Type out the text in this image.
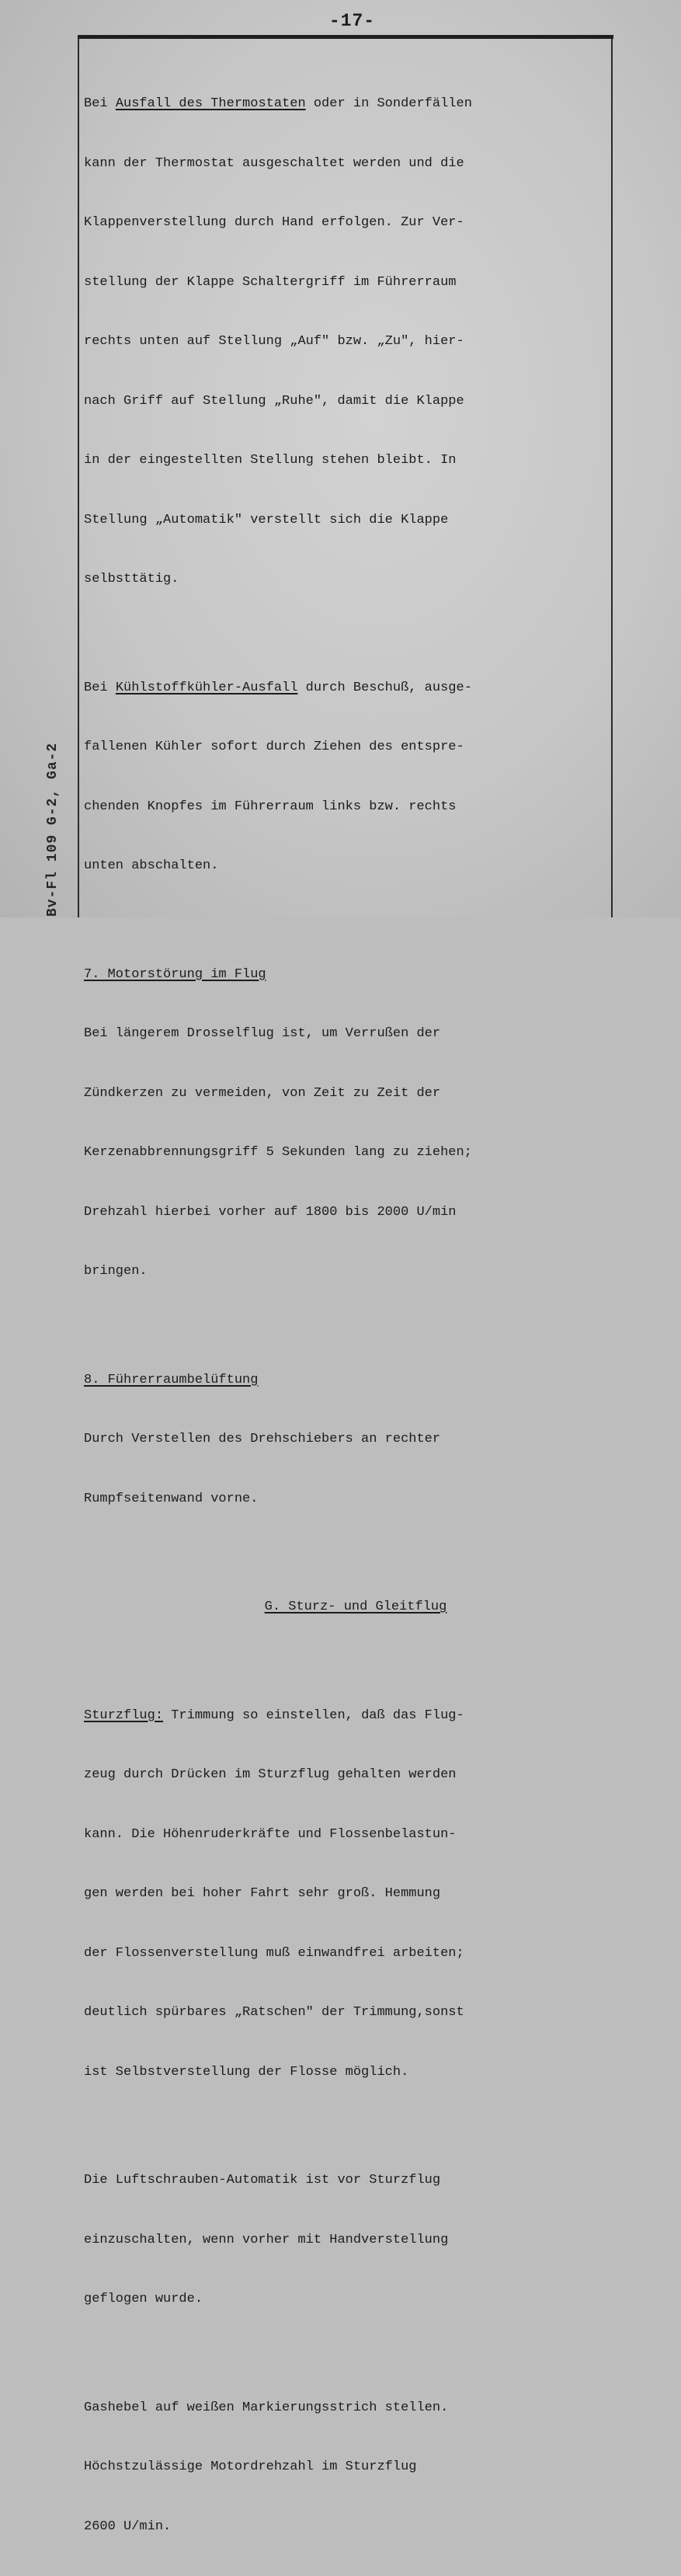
-17-

Bei Ausfall des Thermostaten oder in Sonderfällen

kann der Thermostat ausgeschaltet werden und die

Klappenverstellung durch Hand erfolgen. Zur Ver-

stellung der Klappe Schaltergriff im Führerraum

rechts unten auf Stellung „Auf" bzw. „Zu", hier-

nach Griff auf Stellung „Ruhe", damit die Klappe

in der eingestellten Stellung stehen bleibt. In

Stellung „Automatik" verstellt sich die Klappe

selbsttätig.

Bei Kühlstoffkühler-Ausfall durch Beschuß, ausge-

fallenen Kühler sofort durch Ziehen des entspre-

chenden Knopfes im Führerraum links bzw. rechts

unten abschalten.

7. Motorstörung im Flug

Bei längerem Drosselflug ist, um Verrußen der

Zündkerzen zu vermeiden, von Zeit zu Zeit der

Kerzenabbrennungsgriff 5 Sekunden lang zu ziehen;

Drehzahl hierbei vorher auf 1800 bis 2000 U/min

bringen.

8. Führerraumbelüftung

Durch Verstellen des Drehschiebers an rechter

Rumpfseitenwand vorne.

G. Sturz- und Gleitflug

Sturzflug: Trimmung so einstellen, daß das Flug-

zeug durch Drücken im Sturzflug gehalten werden

kann. Die Höhenruderkräfte und Flossenbelastun-

gen werden bei hoher Fahrt sehr groß. Hemmung

der Flossenverstellung muß einwandfrei arbeiten;

deutlich spürbares „Ratschen" der Trimmung,sonst

ist Selbstverstellung der Flosse möglich.

Die Luftschrauben-Automatik ist vor Sturzflug

einzuschalten, wenn vorher mit Handverstellung

geflogen wurde.

Gashebel auf weißen Markierungsstrich stellen.

Höchstzulässige Motordrehzahl im Sturzflug

2600 U/min.

Bv-Fl 109 G-2, Ga-2
